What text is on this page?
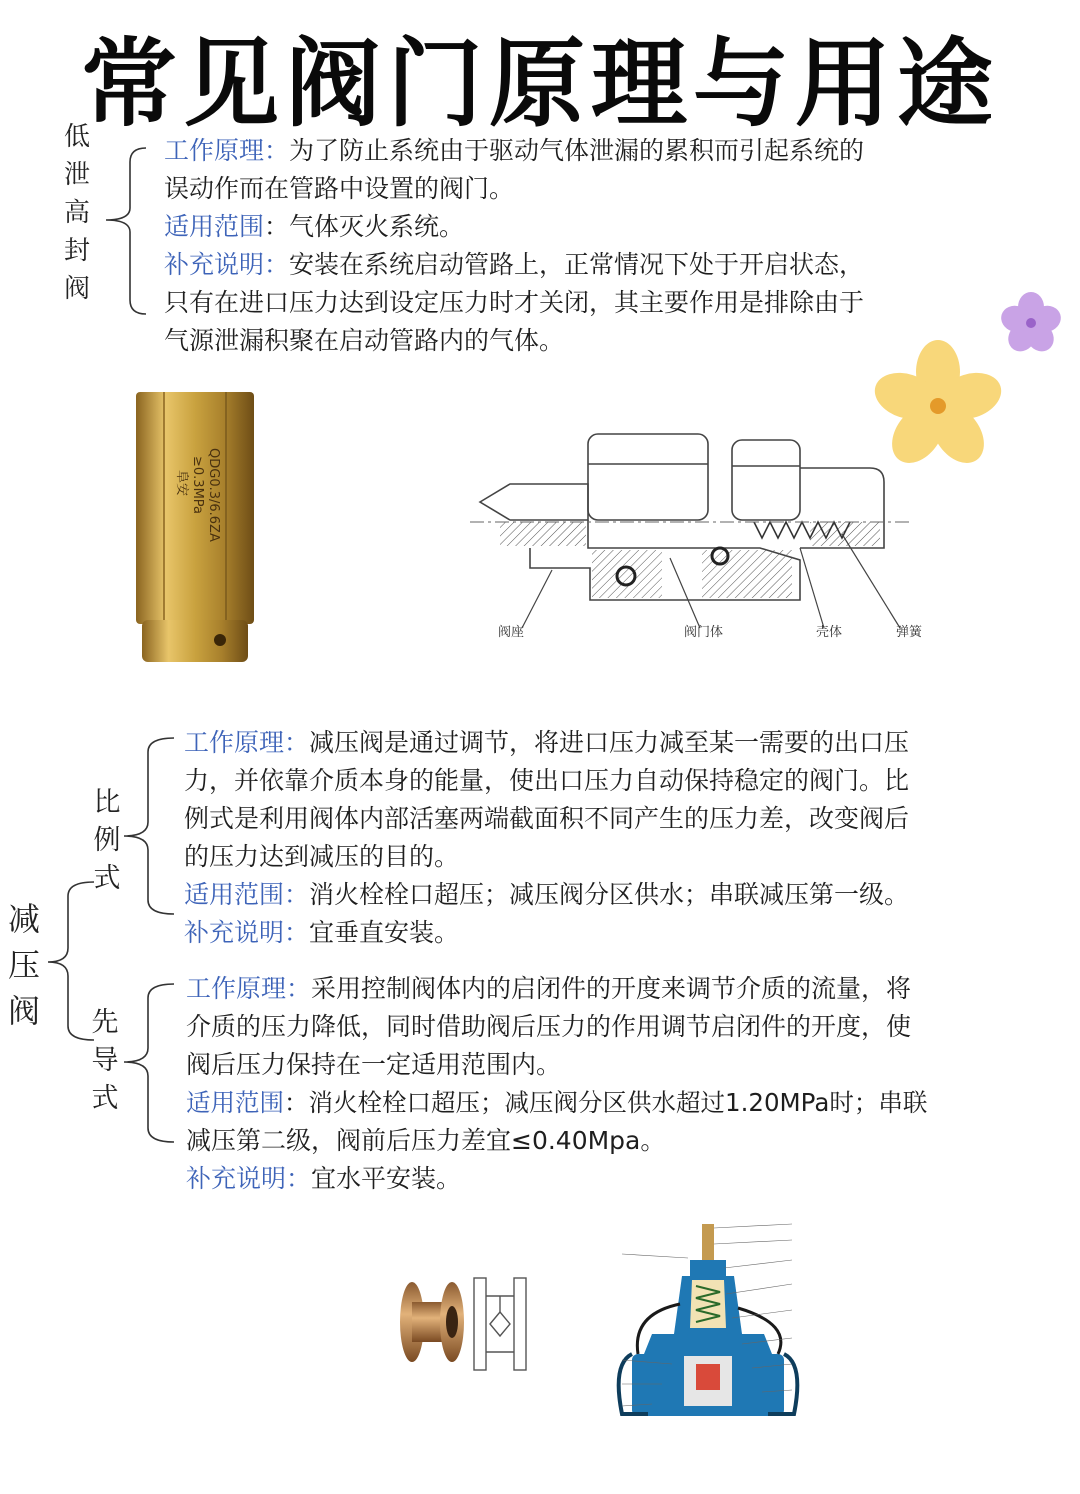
常见阀门原理与用途
低
泄
高
封
阀
工作原理：为了防止系统由于驱动气体泄漏的累积而引起系统的
误动作而在管路中设置的阀门。
适用范围：气体灭火系统。
补充说明：安装在系统启动管路上，正常情况下处于开启状态，
只有在进口压力达到设定压力时才关闭，其主要作用是排除由于
气源泄漏积聚在启动管路内的气体。
QDG0.3/6.6ZA
≥0.3MPa
阜安
阀座	阀门体	壳体	弹簧
减
压
阀
比
例
式
工作原理：减压阀是通过调节，将进口压力减至某一需要的出口压
力，并依靠介质本身的能量，使出口压力自动保持稳定的阀门。比
例式是利用阀体内部活塞两端截面积不同产生的压力差，改变阀后
的压力达到减压的目的。
适用范围：消火栓栓口超压；减压阀分区供水；串联减压第一级。
补充说明：宜垂直安装。
先
导
式
工作原理：采用控制阀体内的启闭件的开度来调节介质的流量，将
介质的压力降低，同时借助阀后压力的作用调节启闭件的开度，使
阀后压力保持在一定适用范围内。
适用范围：消火栓栓口超压；减压阀分区供水超过1.20MPa时；串联
减压第二级，阀前后压力差宜≤0.40Mpa。
补充说明：宜水平安装。
